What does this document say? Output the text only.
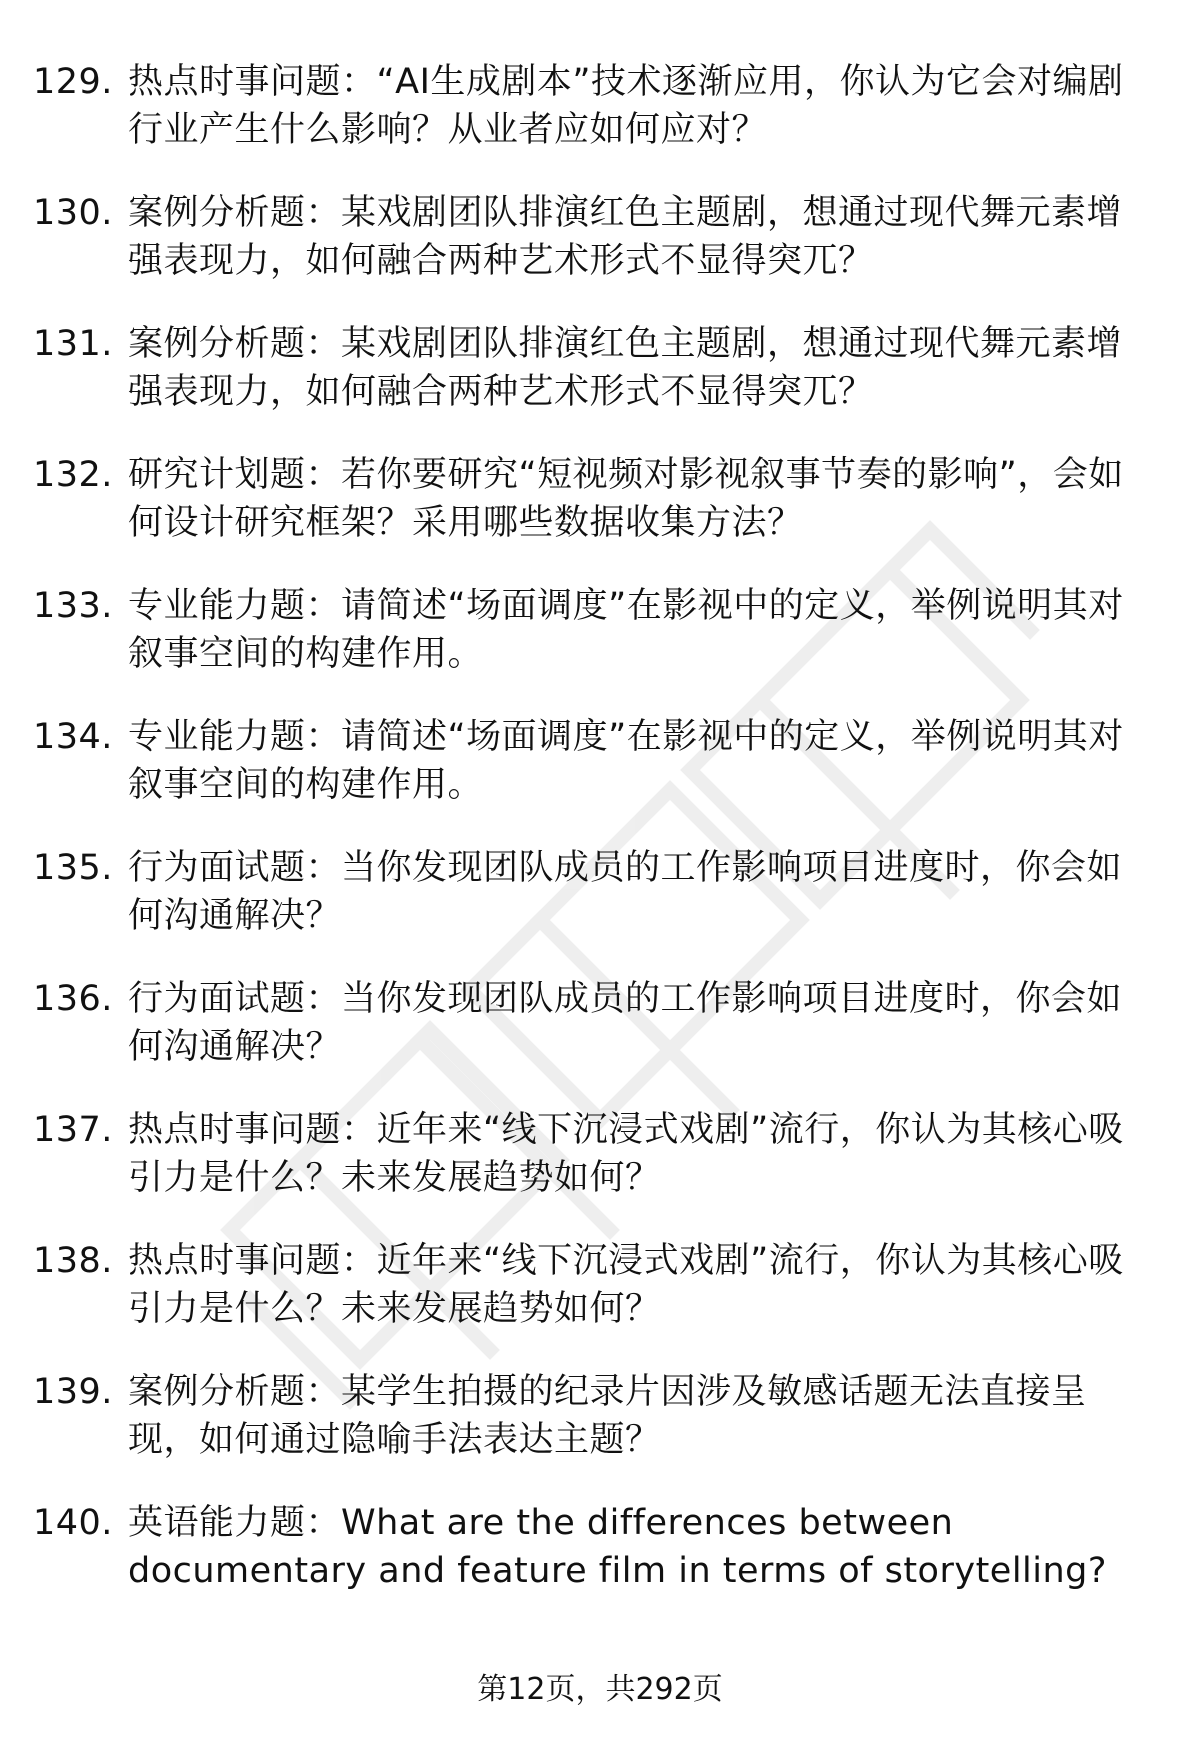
129. 热点时事问题：“AI生成剧本”技术逐渐应用，你认为它会对编剧行业产生什么影响？从业者应如何应对？
130. 案例分析题：某戏剧团队排演红色主题剧，想通过现代舞元素增强表现力，如何融合两种艺术形式不显得突兀？
131. 案例分析题：某戏剧团队排演红色主题剧，想通过现代舞元素增强表现力，如何融合两种艺术形式不显得突兀？
132. 研究计划题：若你要研究“短视频对影视叙事节奏的影响”，会如何设计研究框架？采用哪些数据收集方法？
133. 专业能力题：请简述“场面调度”在影视中的定义，举例说明其对叙事空间的构建作用。
134. 专业能力题：请简述“场面调度”在影视中的定义，举例说明其对叙事空间的构建作用。
135. 行为面试题：当你发现团队成员的工作影响项目进度时，你会如何沟通解决？
136. 行为面试题：当你发现团队成员的工作影响项目进度时，你会如何沟通解决？
137. 热点时事问题：近年来“线下沉浸式戏剧”流行，你认为其核心吸引力是什么？未来发展趋势如何？
138. 热点时事问题：近年来“线下沉浸式戏剧”流行，你认为其核心吸引力是什么？未来发展趋势如何？
139. 案例分析题：某学生拍摄的纪录片因涉及敏感话题无法直接呈现，如何通过隐喻手法表达主题？
140. 英语能力题：What are the differences between documentary and feature film in terms of storytelling?
第12页，共292页
